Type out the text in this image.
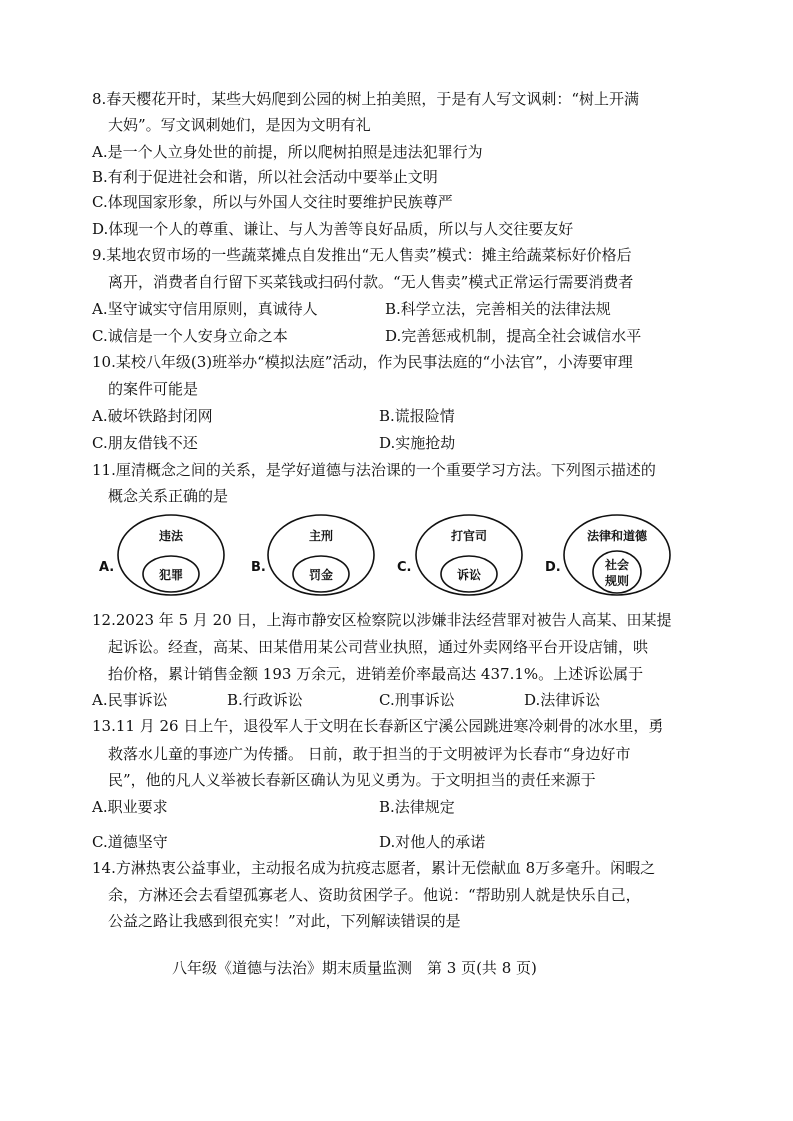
8.春天樱花开时，某些大妈爬到公园的树上拍美照，于是有人写文讽刺：“树上开满
大妈”。写文讽刺她们，是因为文明有礼
A.是一个人立身处世的前提，所以爬树拍照是违法犯罪行为
B.有利于促进社会和谐，所以社会活动中要举止文明
C.体现国家形象，所以与外国人交往时要维护民族尊严
D.体现一个人的尊重、谦让、与人为善等良好品质，所以与人交往要友好
9.某地农贸市场的一些蔬菜摊点自发推出“无人售卖”模式：摊主给蔬菜标好价格后
离开，消费者自行留下买菜钱或扫码付款。“无人售卖”模式正常运行需要消费者
A.坚守诚实守信用原则，真诚待人	B.科学立法，完善相关的法律法规
C.诚信是一个人安身立命之本	D.完善惩戒机制，提高全社会诚信水平
10.某校八年级(3)班举办“模拟法庭”活动，作为民事法庭的“小法官”，小涛要审理
的案件可能是
A.破坏铁路封闭网	B.谎报险情
C.朋友借钱不还	D.实施抢劫
11.厘清概念之间的关系，是学好道德与法治课的一个重要学习方法。下列图示描述的
概念关系正确的是
A.
违法
犯罪	B.
主刑
罚金	C.
打官司
诉讼	D.
法律和道德
社会
规则
12.2023 年 5 月 20 日，上海市静安区检察院以涉嫌非法经营罪对被告人高某、田某提
起诉讼。经查，高某、田某借用某公司营业执照，通过外卖网络平台开设店铺，哄
抬价格，累计销售金额 193 万余元，进销差价率最高达 437.1%。上述诉讼属于
A.民事诉讼	B.行政诉讼	C.刑事诉讼	D.法律诉讼
13.11 月 26 日上午，退役军人于文明在长春新区宁溪公园跳进寒冷刺骨的冰水里，勇
救落水儿童的事迹广为传播。 日前，敢于担当的于文明被评为长春市“身边好市
民”，他的凡人义举被长春新区确认为见义勇为。于文明担当的责任来源于
A.职业要求	B.法律规定
C.道德坚守	D.对他人的承诺
14.方淋热衷公益事业，主动报名成为抗疫志愿者，累计无偿献血 8万多毫升。闲暇之
余，方淋还会去看望孤寡老人、资助贫困学子。他说：“帮助别人就是快乐自己，
公益之路让我感到很充实！”对此，下列解读错误的是
八年级《道德与法治》期末质量监测　第 3 页(共 8 页)
